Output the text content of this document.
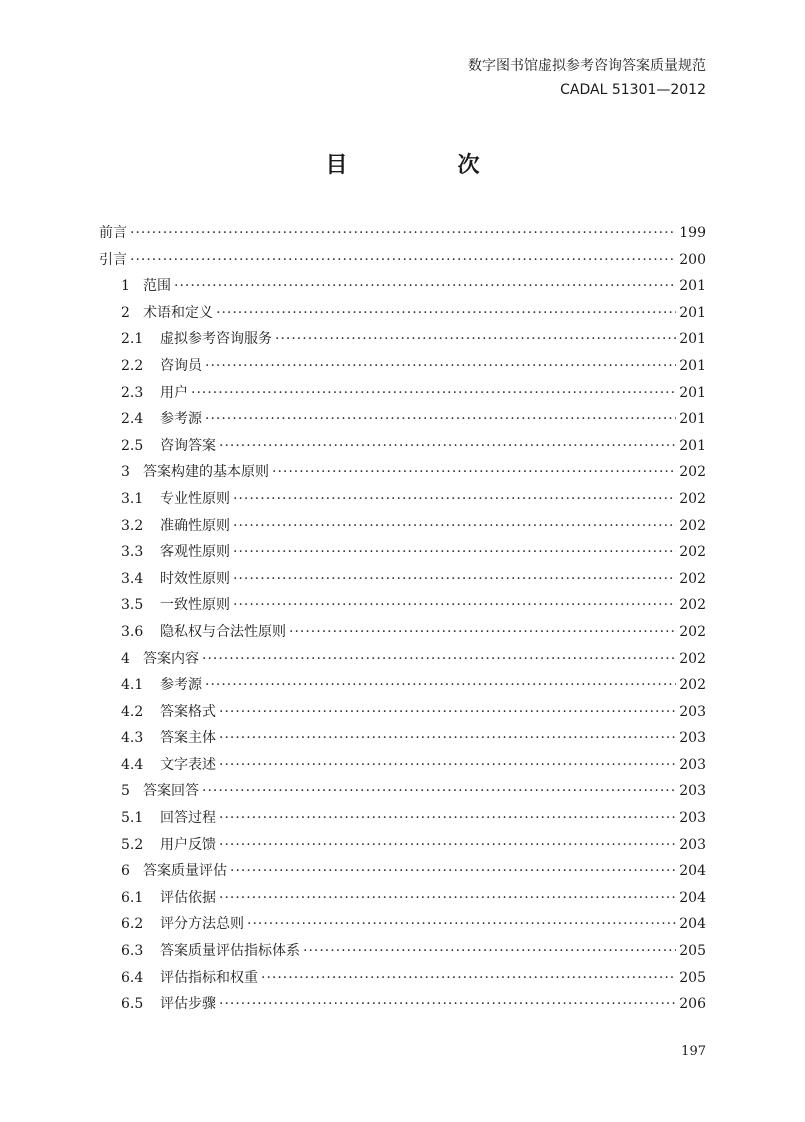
数字图书馆虚拟参考咨询答案质量规范
CADAL 51301—2012
目　次
前言 ·····	199
引言 ·····	200
1 范围 ·····	201
2 术语和定义 ·····	201
2.1	虚拟参考咨询服务 ·····	201
2.2	咨询员 ·····	201
2.3	用户 ·····	201
2.4	参考源 ·····	201
2.5	咨询答案 ·····	201
3 答案构建的基本原则 ·····	202
3.1	专业性原则 ·····	202
3.2	准确性原则 ·····	202
3.3	客观性原则 ·····	202
3.4	时效性原则 ·····	202
3.5	一致性原则 ·····	202
3.6	隐私权与合法性原则 ·····	202
4 答案内容 ·····	202
4.1	参考源 ·····	202
4.2	答案格式 ·····	203
4.3	答案主体 ·····	203
4.4	文字表述 ·····	203
5 答案回答 ·····	203
5.1	回答过程 ·····	203
5.2	用户反馈 ·····	203
6 答案质量评估 ·····	204
6.1	评估依据 ·····	204
6.2	评分方法总则 ·····	204
6.3	答案质量评估指标体系 ·····	205
6.4	评估指标和权重 ·····	205
6.5	评估步骤 ·····	206
197
